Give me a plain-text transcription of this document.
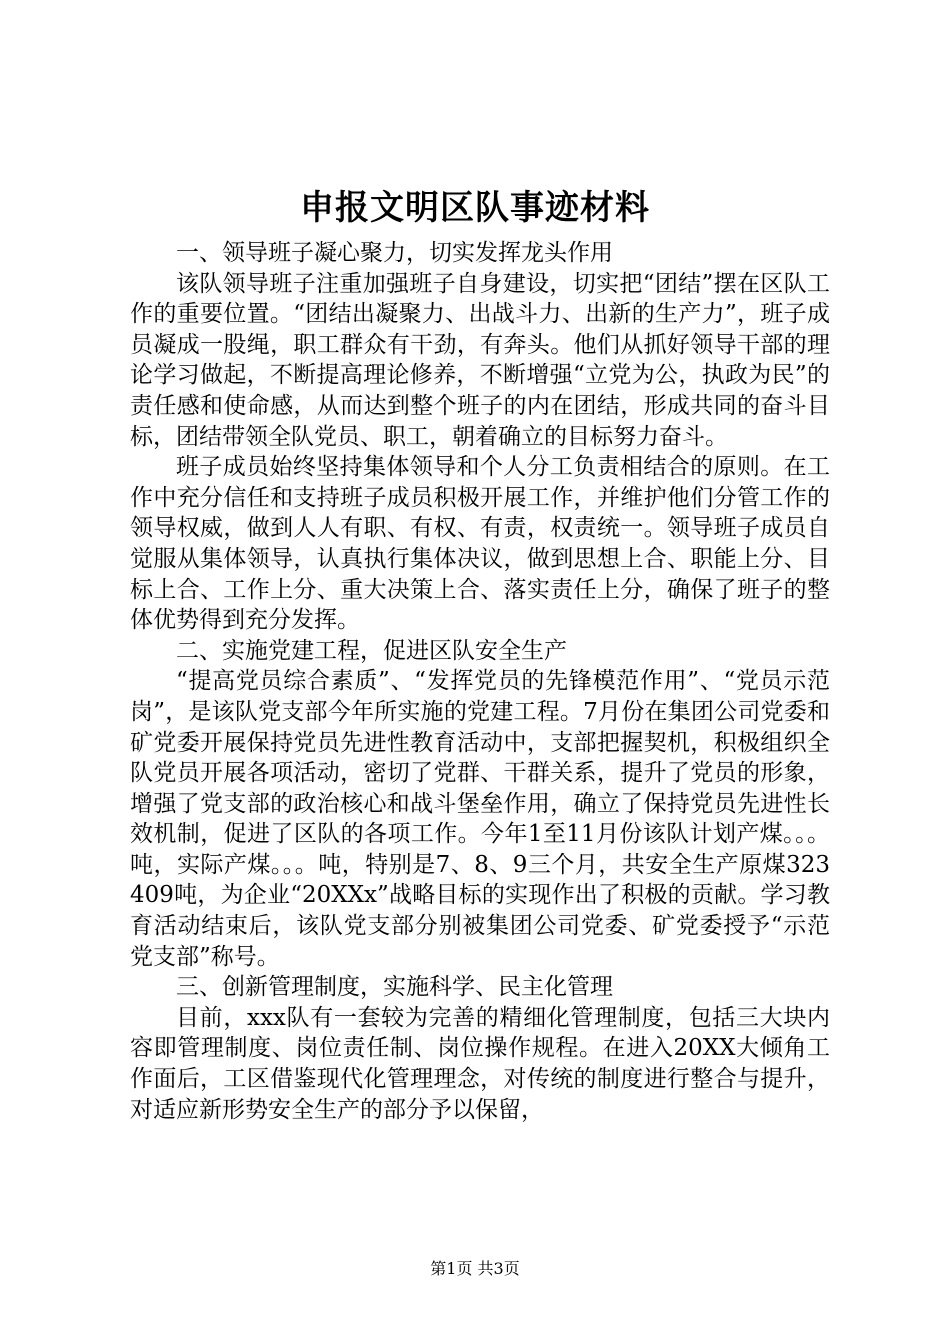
申报文明区队事迹材料

一、领导班子凝心聚力，切实发挥龙头作用

该队领导班子注重加强班子自身建设，切实把“团结”摆在区队工作的重要位置。“团结出凝聚力、出战斗力、出新的生产力”，班子成员凝成一股绳，职工群众有干劲，有奔头。他们从抓好领导干部的理论学习做起，不断提高理论修养，不断增强“立党为公，执政为民”的责任感和使命感，从而达到整个班子的内在团结，形成共同的奋斗目标，团结带领全队党员、职工，朝着确立的目标努力奋斗。

班子成员始终坚持集体领导和个人分工负责相结合的原则。在工作中充分信任和支持班子成员积极开展工作，并维护他们分管工作的领导权威，做到人人有职、有权、有责，权责统一。领导班子成员自觉服从集体领导，认真执行集体决议，做到思想上合、职能上分、目标上合、工作上分、重大决策上合、落实责任上分，确保了班子的整体优势得到充分发挥。

二、实施党建工程，促进区队安全生产

“提高党员综合素质”、“发挥党员的先锋模范作用”、“党员示范岗”，是该队党支部今年所实施的党建工程。7月份在集团公司党委和矿党委开展保持党员先进性教育活动中，支部把握契机，积极组织全队党员开展各项活动，密切了党群、干群关系，提升了党员的形象，增强了党支部的政治核心和战斗堡垒作用，确立了保持党员先进性长效机制，促进了区队的各项工作。今年1至11月份该队计划产煤。。。吨，实际产煤。。。吨，特别是7、8、9三个月，共安全生产原煤323409吨，为企业“20XXx”战略目标的实现作出了积极的贡献。学习教育活动结束后，该队党支部分别被集团公司党委、矿党委授予“示范党支部”称号。

三、创新管理制度，实施科学、民主化管理

目前，xxx队有一套较为完善的精细化管理制度，包括三大块内容即管理制度、岗位责任制、岗位操作规程。在进入20XX大倾角工作面后，工区借鉴现代化管理理念，对传统的制度进行整合与提升，对适应新形势安全生产的部分予以保留，

第1页 共3页
